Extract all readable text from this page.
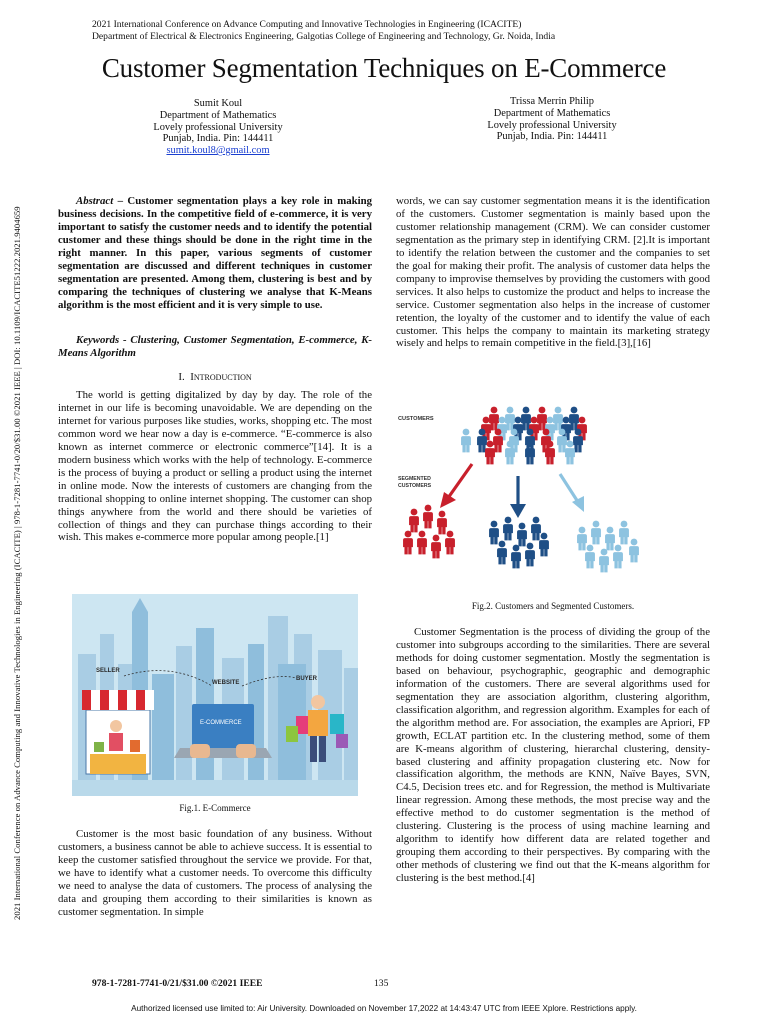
2021 International Conference on Advance Computing and Innovative Technologies in Engineering (ICACITE)
Department of Electrical & Electronics Engineering, Galgotias College of Engineering and Technology, Gr. Noida, India
Customer Segmentation Techniques on E-Commerce
Sumit Koul
Department of Mathematics
Lovely professional University
Punjab, India. Pin: 144411
sumit.koul8@gmail.com
Trissa Merrin Philip
Department of Mathematics
Lovely professional University
Punjab, India. Pin: 144411
Abstract – Customer segmentation plays a key role in making business decisions. In the competitive field of e-commerce, it is very important to satisfy the customer needs and to identify the potential customer and these things should be done in the right time in the right manner. In this paper, various segments of customer segmentation are discussed and different techniques in customer segmentation are presented. Among them, clustering is best and by comparing the techniques of clustering we analyse that K-Means algorithm is the most efficient and it is very simple to use.
Keywords - Clustering, Customer Segmentation, E-commerce, K-Means Algorithm
I. Introduction
The world is getting digitalized by day by day. The role of the internet in our life is becoming unavoidable. We are depending on the internet for various purposes like studies, works, shopping etc. The most common word we hear now a day is e-commerce. “E-commerce is also known as internet commerce or electronic commerce”[14]. It is a modern business which works with the help of technology. E-commerce is the process of buying a product or selling a product using the internet in online mode. Now the interests of customers are changing from the traditional shopping to online internet shopping. The customer can shop things anywhere from the world and there should be varieties of collection of things and they can purchase things according to their wish. This makes e-commerce more popular among people.[1]
SELLER
WEBSITE
BUYER
E-COMMERCE
Fig.1. E-Commerce
Customer is the most basic foundation of any business. Without customers, a business cannot be able to achieve success. It is essential to keep the customer satisfied throughout the service we provide. For that, we have to identify what a customer needs. To overcome this difficulty we need to analyse the data of customers. The process of analysing the data and grouping them according to their similarities is known as customer segmentation. In simple
words, we can say customer segmentation means it is the identification of the customers. Customer segmentation is mainly based upon the customer relationship management (CRM). We can consider customer segmentation as the primary step in identifying CRM. [2].It is important to identify the relation between the customer and the companies to set the goal for making their profit. The analysis of customer data helps the company to improvise themselves by providing the customers with good services. It also helps to customize the product and helps to increase the service. Customer segmentation also helps in the increase of customer retention, the loyalty of the customer and to identify the value of each customer. This helps the company to maintain its marketing strategy wisely and helps to remain competitive in the field.[3],[16]
CUSTOMERS
SEGMENTED
CUSTOMERS
Fig.2. Customers and Segmented Customers.
Customer Segmentation is the process of dividing the group of the customer into subgroups according to the similarities. There are several methods for doing customer segmentation. Mostly the segmentation is based on behaviour, psychographic, geographic and demographic information of the customers. There are several algorithms used for segmentation they are association algorithm, clustering algorithm, classification algorithm, and regression algorithm. Examples for each of the algorithm method are. For association, the examples are Apriori, FP growth, ECLAT partition etc. In the clustering method, some of them are K-means algorithm of clustering, hierarchal clustering, density-based clustering and affinity propagation clustering etc. Now for classification algorithm, the methods are KNN, Naïve Bayes, SVN, C4.5, Decision trees etc. and for Regression, the method is Multivariate linear regression. Among these methods, the most precise way and the effective method to do customer segmentation is the method of clustering. Clustering is the process of using machine learning and algorithm to identify how different data are related together and grouping them according to their perspectives. By comparing with the other methods of clustering we find out that the K-means algorithm for clustering is the best method.[4]
2021 International Conference on Advance Computing and Innovative Technologies in Engineering (ICACITE) | 978-1-7281-7741-0/20/$31.00 ©2021 IEEE | DOI: 10.1109/ICACITE51222.2021.9404659
978-1-7281-7741-0/21/$31.00 ©2021 IEEE	135
Authorized licensed use limited to: Air University. Downloaded on November 17,2022 at 14:43:47 UTC from IEEE Xplore. Restrictions apply.
